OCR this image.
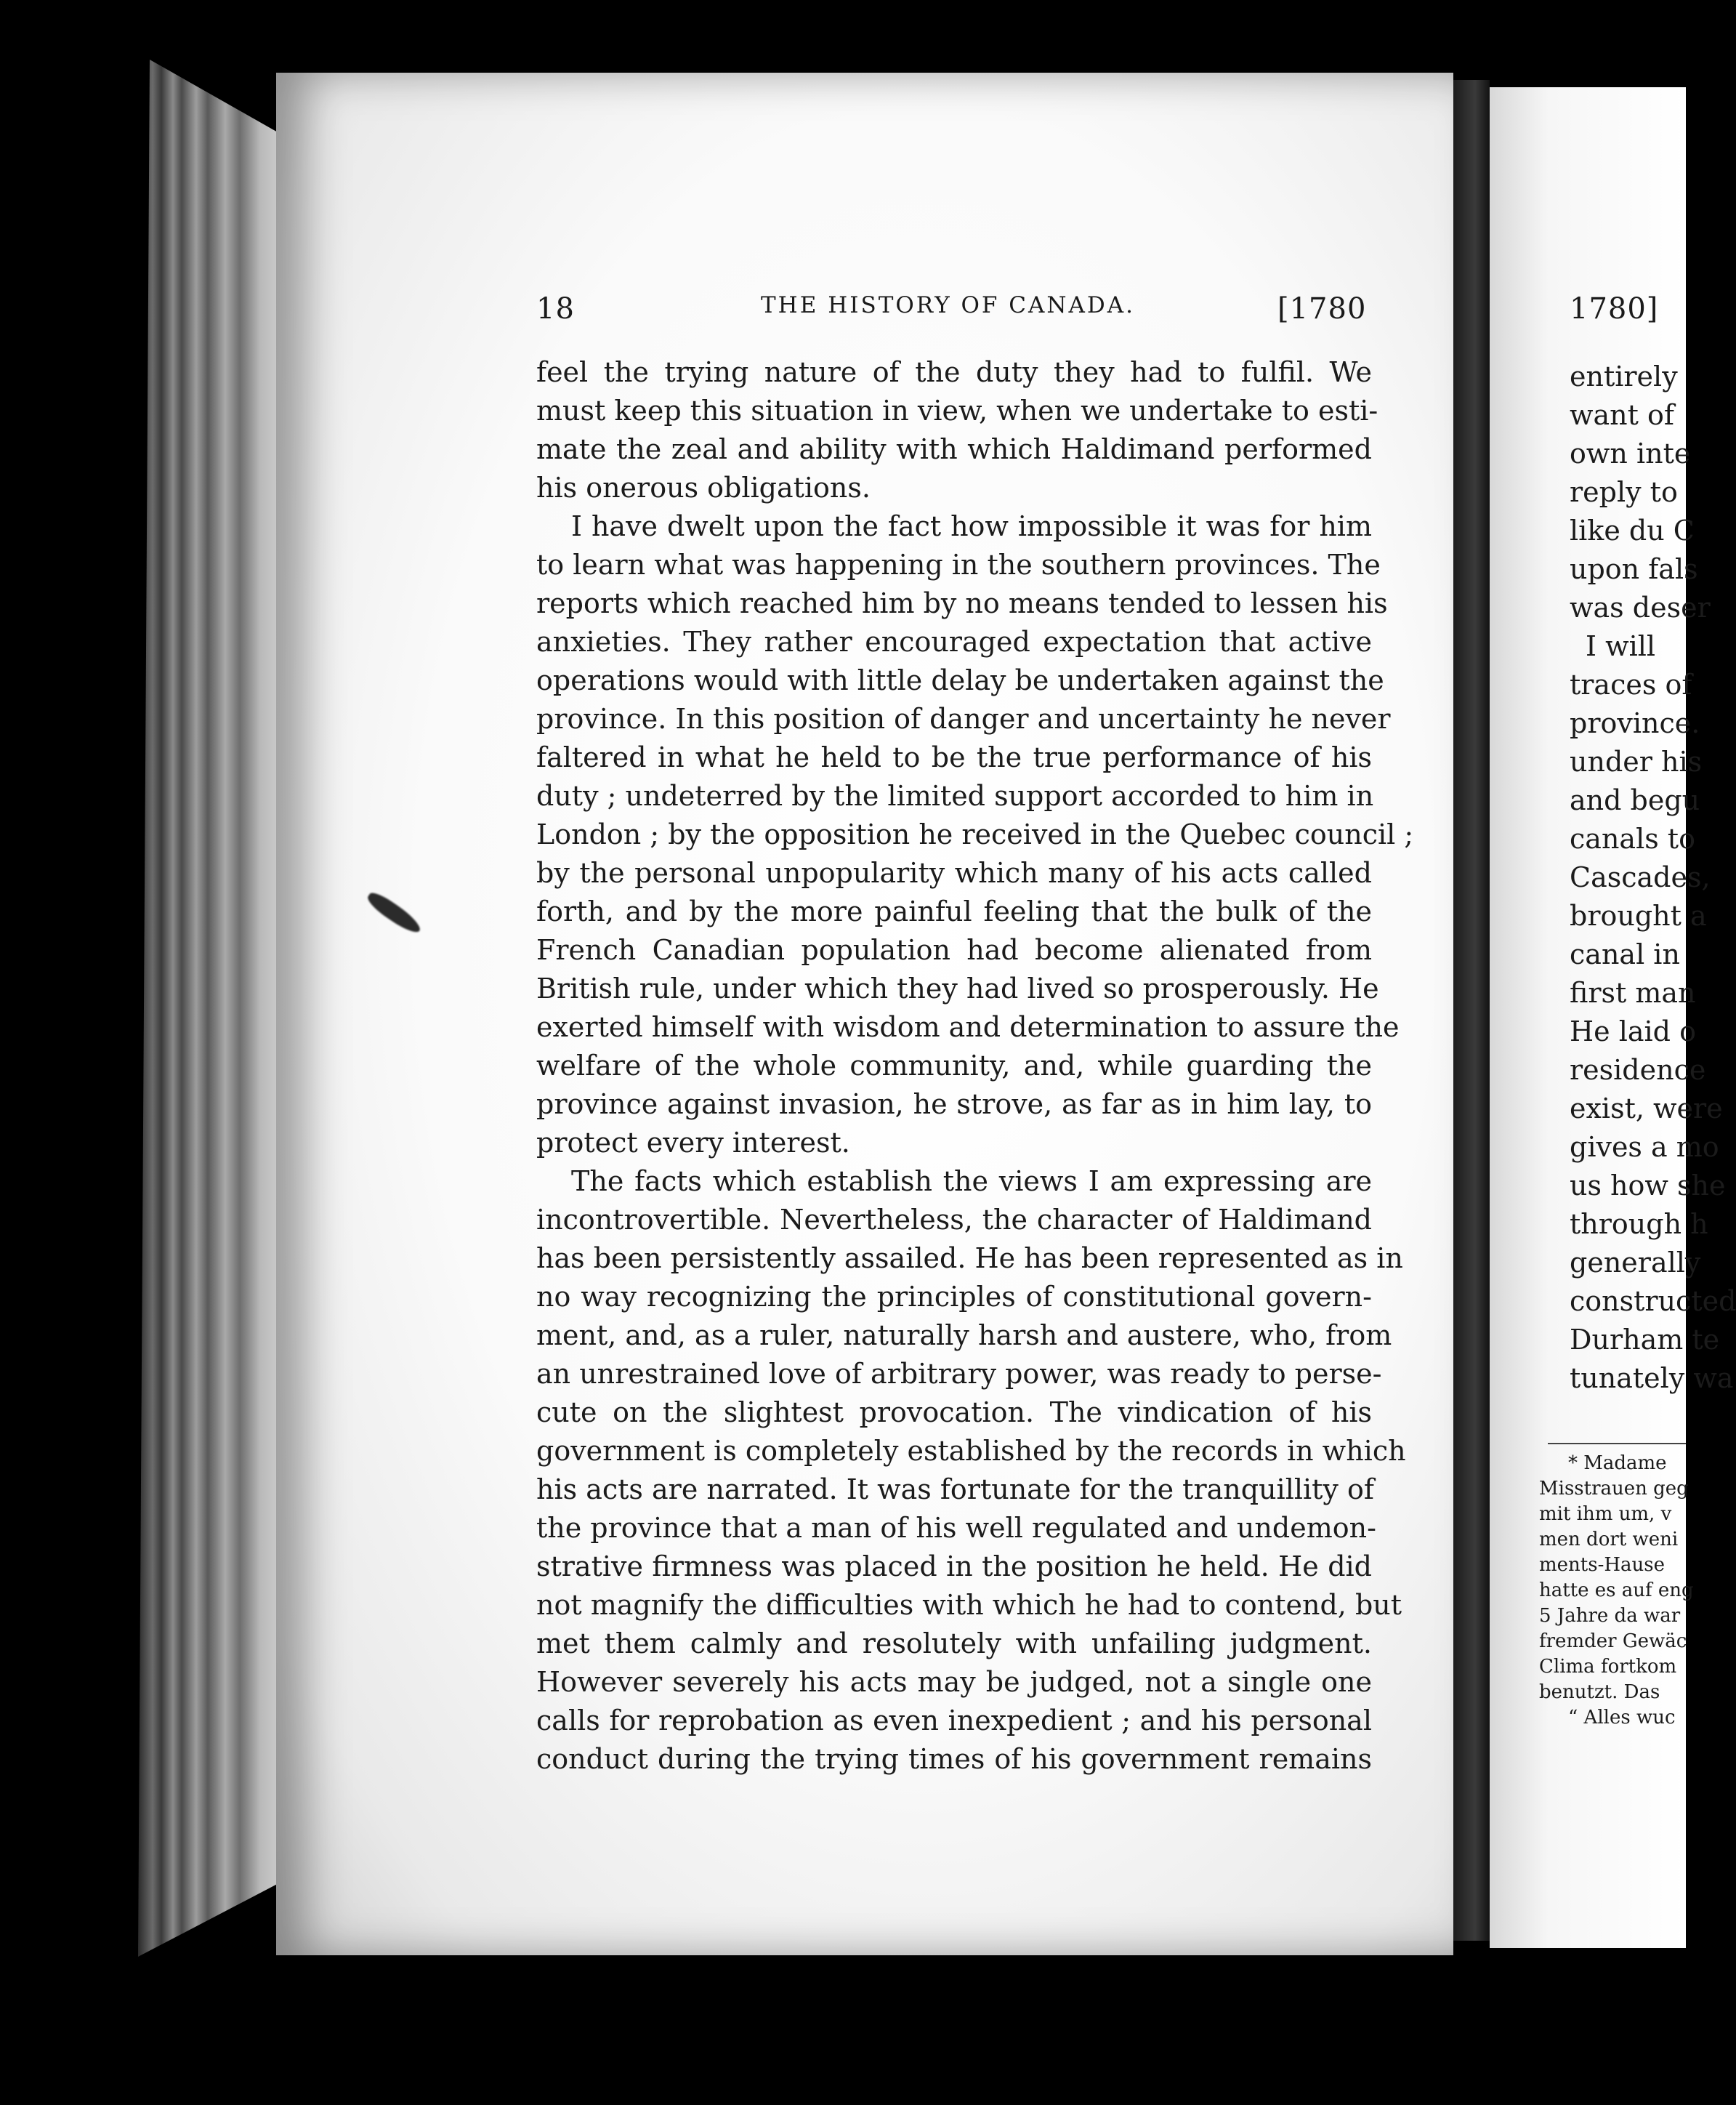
18	THE HISTORY OF CANADA.	[1780	1780]
feel the trying nature of the duty they had to fulfil. We
must keep this situation in view, when we undertake to esti-
mate the zeal and ability with which Haldimand performed
his onerous obligations.
I have dwelt upon the fact how impossible it was for him
to learn what was happening in the southern provinces. The
reports which reached him by no means tended to lessen his
anxieties. They rather encouraged expectation that active
operations would with little delay be undertaken against the
province. In this position of danger and uncertainty he never
faltered in what he held to be the true performance of his
duty ; undeterred by the limited support accorded to him in
London ; by the opposition he received in the Quebec council ;
by the personal unpopularity which many of his acts called
forth, and by the more painful feeling that the bulk of the
French Canadian population had become alienated from
British rule, under which they had lived so prosperously. He
exerted himself with wisdom and determination to assure the
welfare of the whole community, and, while guarding the
province against invasion, he strove, as far as in him lay, to
protect every interest.
The facts which establish the views I am expressing are
incontrovertible. Nevertheless, the character of Haldimand
has been persistently assailed. He has been represented as in
no way recognizing the principles of constitutional govern-
ment, and, as a ruler, naturally harsh and austere, who, from
an unrestrained love of arbitrary power, was ready to perse-
cute on the slightest provocation. The vindication of his
government is completely established by the records in which
his acts are narrated. It was fortunate for the tranquillity of
the province that a man of his well regulated and undemon-
strative firmness was placed in the position he held. He did
not magnify the difficulties with which he had to contend, but
met them calmly and resolutely with unfailing judgment.
However severely his acts may be judged, not a single one
calls for reprobation as even inexpedient ; and his personal
conduct during the trying times of his government remains
entirely
want of
own inte
reply to
like du C
upon fals
was deser
I will
traces of
province.
under his
and begu
canals to
Cascades,
brought a
canal in
first man
He laid o
residence
exist, were
gives a mo
us how she
through h
generally
constructed
Durham te
tunately wa
* Madame
Misstrauen geg
mit ihm um, v
men dort weni
ments-Hause
hatte es auf eng
5 Jahre da war
fremder Gewäc
Clima fortkom
benutzt. Das
“ Alles wuc
